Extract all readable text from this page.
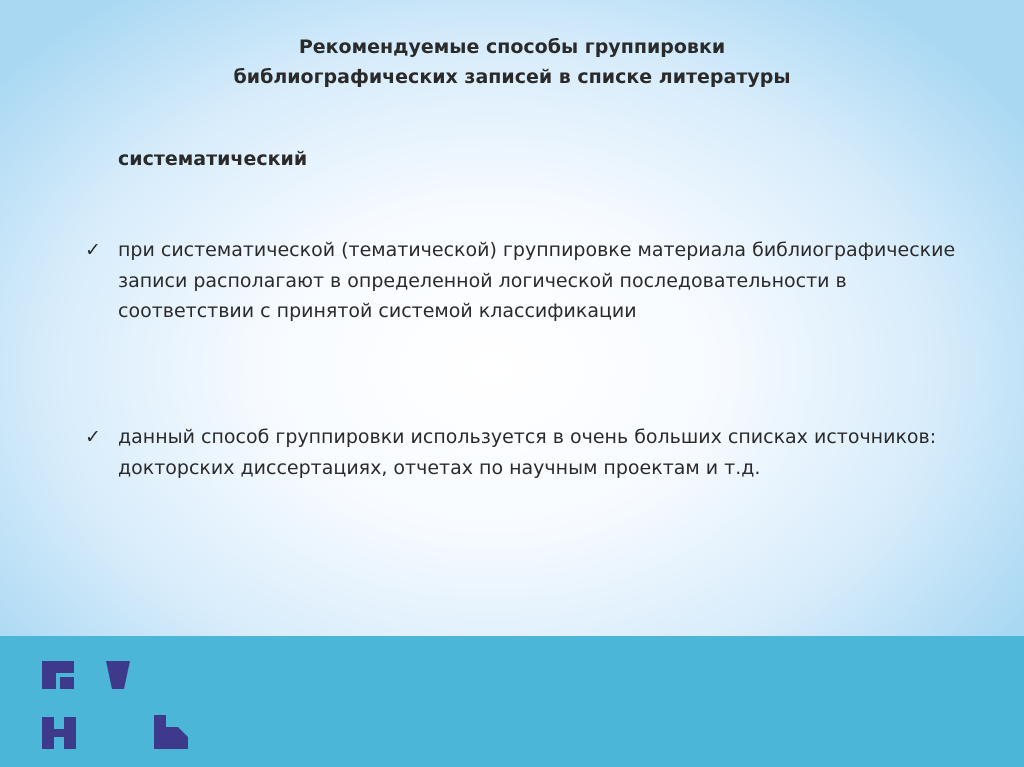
Рекомендуемые способы группировки
библиографических записей в списке литературы
систематический
✓ при систематической (тематической) группировке материала библиографические записи располагают в определенной логической последовательности в соответствии с принятой системой классификации
✓ данный способ группировки используется в очень больших списках источников: докторских диссертациях, отчетах по научным проектам и т.д.
